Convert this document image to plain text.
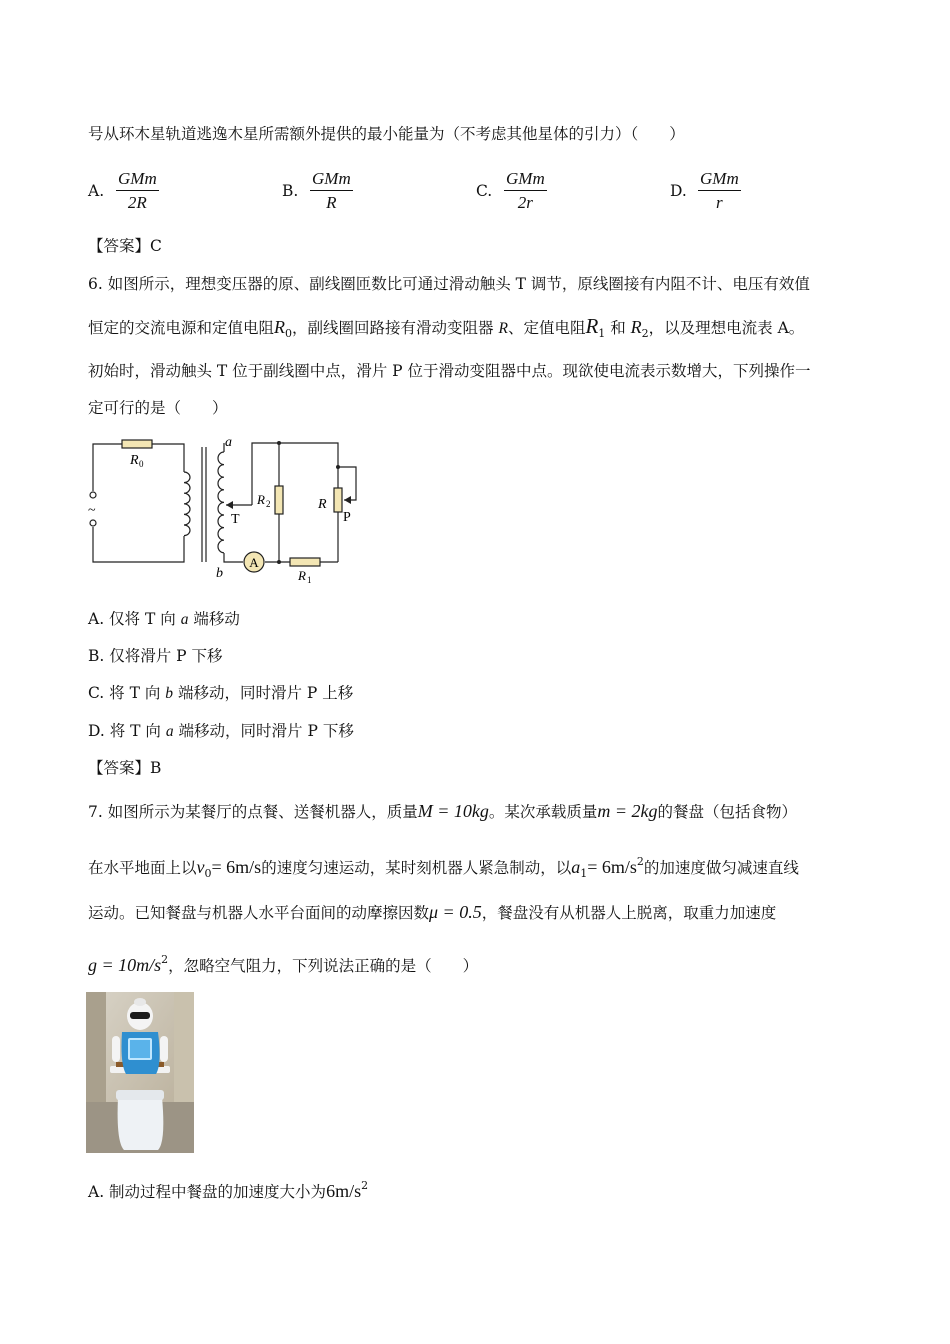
号从环木星轨道逃逸木星所需额外提供的最小能量为（不考虑其他星体的引力）（　　）
A.
GMm
2R
B.
GMm
R
C.
GMm
2r
D.
GMm
r
【答案】C
6. 如图所示，理想变压器的原、副线圈匝数比可通过滑动触头 T 调节，原线圈接有内阻不计、电压有效值
恒定的交流电源和定值电阻$R_0$，副线圈回路接有滑动变阻器 R、定值电阻$R_1$ 和 $R_2$，以及理想电流表 A。
初始时，滑动触头 T 位于副线圈中点，滑片 P 位于滑动变阻器中点。现欲使电流表示数增大，下列操作一
定可行的是（　　）
A
R 0
R 2	R
P
T
a
b	R 1
~
A. 仅将 T 向 a 端移动
B. 仅将滑片 P 下移
C. 将 T 向 b 端移动，同时滑片 P 上移
D. 将 T 向 a 端移动，同时滑片 P 下移
【答案】B
7. 如图所示为某餐厅的点餐、送餐机器人，质量M = 10kg。某次承载质量m = 2kg的餐盘（包括食物）
在水平地面上以$v_0= 6m/s$的速度匀速运动，某时刻机器人紧急制动，以$a_1= 6m/s^2$的加速度做匀减速直线
运动。已知餐盘与机器人水平台面间的动摩擦因数μ = 0.5，餐盘没有从机器人上脱离，取重力加速度
$g = 10m/s^2$，忽略空气阻力，下列说法正确的是（　　）
A. 制动过程中餐盘的加速度大小为$6m/s^2$
